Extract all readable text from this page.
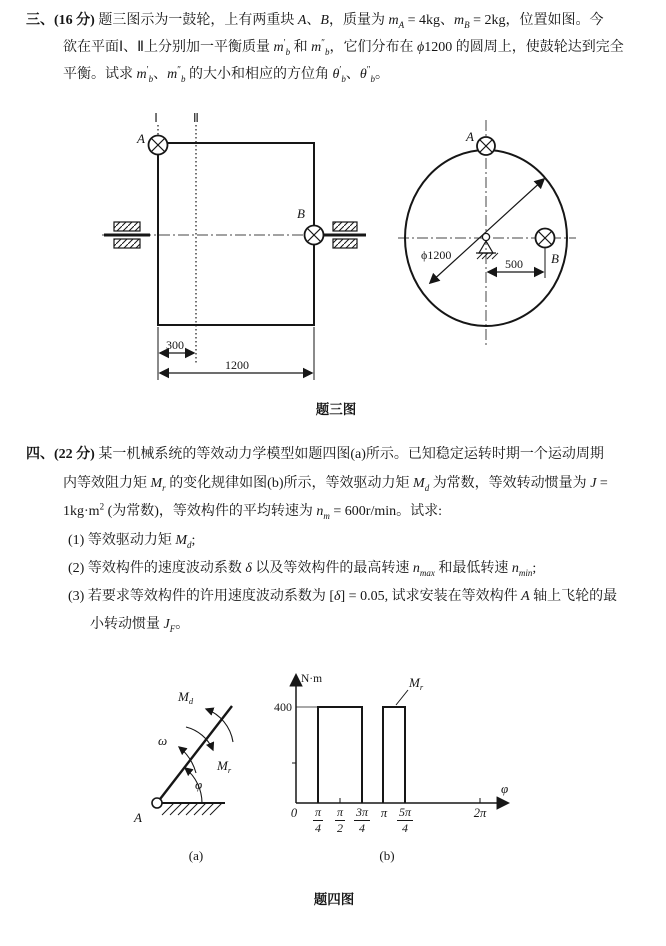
三、(16 分) 题三图示为一鼓轮，上有两重块 A、B，质量为 $m_A = 4kg$、$m_B = 2kg$，位置如图。今
欲在平面Ⅰ、Ⅱ上分别加一平衡质量 $m'_b$ 和 $m''_b$，它们分布在 ϕ1200 的圆周上，使鼓轮达到完全
平衡。试求 $m'_b$、$m''_b$ 的大小和相应的方位角 $\theta'_b$、$\theta''_b$。
Ⅰ	Ⅱ
A
B
300
1200
ϕ1200
A
B
500
题三图
四、(22 分) 某一机械系统的等效动力学模型如题四图(a)所示。已知稳定运转时期一个运动周期
内等效阻力矩 $M_r$ 的变化规律如图(b)所示，等效驱动力矩 $M_d$ 为常数，等效转动惯量为 J =
$1kg\cdot m^2$ (为常数)，等效构件的平均转速为 $n_m = 600r/\min$。试求:
(1) 等效驱动力矩 $M_d$;
(2) 等效构件的速度波动系数 δ 以及等效构件的最高转速 $n_{max}$ 和最低转速 $n_{min}$;
(3) 若要求等效构件的许用速度波动系数为 [δ] = 0.05, 试求安装在等效构件 A 轴上飞轮的最
小转动惯量 $J_F$。
A
φ
ω
$M_r$
$M_d$
N·m
φ
400
$M_r$
$0 \frac{\pi}{4} \frac{\pi}{2} \frac{3\pi}{4}$ π $\frac{5\pi}{4}$	2π
(a)	(b)
题四图
